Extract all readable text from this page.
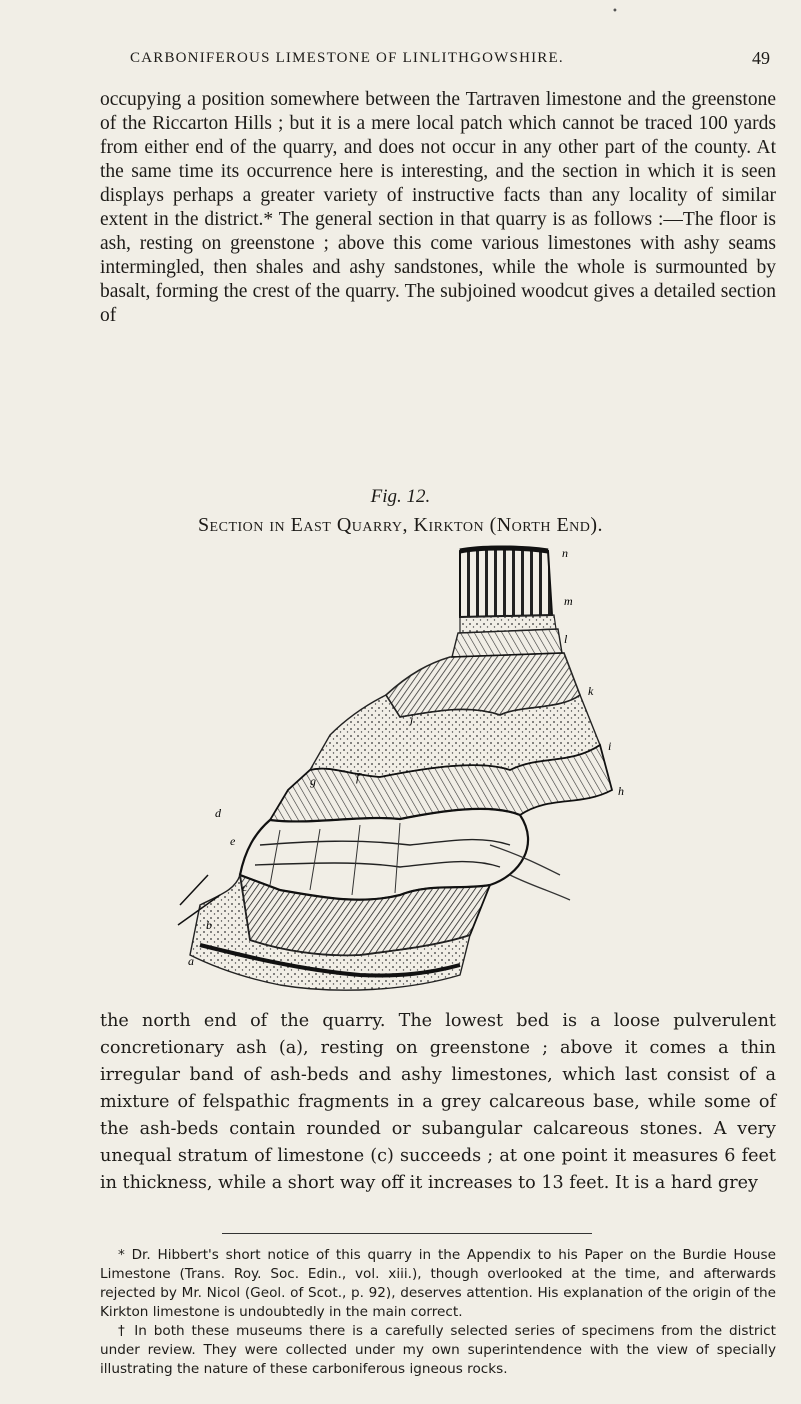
•
CARBONIFEROUS LIMESTONE OF LINLITHGOWSHIRE.	49
occupying a position somewhere between the Tartraven limestone and the greenstone of the Riccarton Hills ; but it is a mere local patch which cannot be traced 100 yards from either end of the quarry, and does not occur in any other part of the county. At the same time its occurrence here is interesting, and the section in which it is seen displays perhaps a greater variety of instructive facts than any locality of similar extent in the district.* The general section in that quarry is as follows :—The floor is ash, resting on greenstone ; above this come various limestones with ashy seams intermingled, then shales and ashy sandstones, while the whole is surmounted by basalt, forming the crest of the quarry. The subjoined woodcut gives a detailed section of
Fig. 12.
Section in East Quarry, Kirkton (North End).
n
m
l
k
j
i
h
g	f
e
d
c
b
a
the north end of the quarry. The lowest bed is a loose pulverulent concretionary ash (a), resting on greenstone ; above it comes a thin irregular band of ash-beds and ashy limestones, which last consist of a mixture of felspathic fragments in a grey calcareous base, while some of the ash-beds contain rounded or subangular calcareous stones. A very unequal stratum of limestone (c) succeeds ; at one point it measures 6 feet in thickness, while a short way off it increases to 13 feet. It is a hard grey

* Dr. Hibbert's short notice of this quarry in the Appendix to his Paper on the Burdie House Limestone (Trans. Roy. Soc. Edin., vol. xiii.), though overlooked at the time, and afterwards rejected by Mr. Nicol (Geol. of Scot., p. 92), deserves attention. His explanation of the origin of the Kirkton limestone is undoubtedly in the main correct.

† In both these museums there is a carefully selected series of specimens from the district under review. They were collected under my own superintendence with the view of specially illustrating the nature of these carboniferous igneous rocks.
